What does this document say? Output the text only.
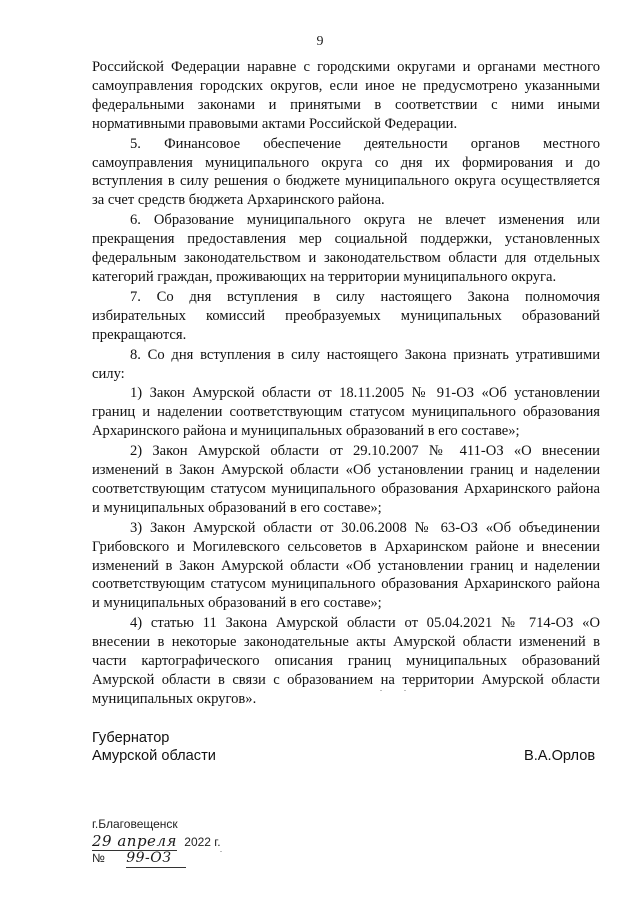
9

Российской Федерации наравне с городскими округами и органами местного самоуправления городских округов, если иное не предусмотрено указанными федеральными законами и принятыми в соответствии с ними иными нормативными правовыми актами Российской Федерации.

5. Финансовое обеспечение деятельности органов местного самоуправления муниципального округа со дня их формирования и до вступления в силу решения о бюджете муниципального округа осуществляется за счет средств бюджета Архаринского района.

6. Образование муниципального округа не влечет изменения или прекращения предоставления мер социальной поддержки, установленных федеральным законодательством и законодательством области для отдельных категорий граждан, проживающих на территории муниципального округа.

7. Со дня вступления в силу настоящего Закона полномочия избирательных комиссий преобразуемых муниципальных образований прекращаются.

8. Со дня вступления в силу настоящего Закона признать утратившими силу:

1) Закон Амурской области от 18.11.2005 № 91-ОЗ «Об установлении границ и наделении соответствующим статусом муниципального образования Архаринского района и муниципальных образований в его составе»;

2) Закон Амурской области от 29.10.2007 № 411-ОЗ «О внесении изменений в Закон Амурской области «Об установлении границ и наделении соответствующим статусом муниципального образования Архаринского района и муниципальных образований в его составе»;

3) Закон Амурской области от 30.06.2008 № 63-ОЗ «Об объединении Грибовского и Могилевского сельсоветов в Архаринском районе и внесении изменений в Закон Амурской области «Об установлении границ и наделении соответствующим статусом муниципального образования Архаринского района и муниципальных образований в его составе»;

4) статью 11 Закона Амурской области от 05.04.2021 № 714-ОЗ «О внесении в некоторые законодательные акты Амурской области изменений в части картографического описания границ муниципальных образований Амурской области в связи с образованием на территории Амурской области муниципальных округов».

Губернатор
Амурской области	В.А.Орлов
г.Благовещенск
29 апреля 2022 г.
№ 99-ОЗ
